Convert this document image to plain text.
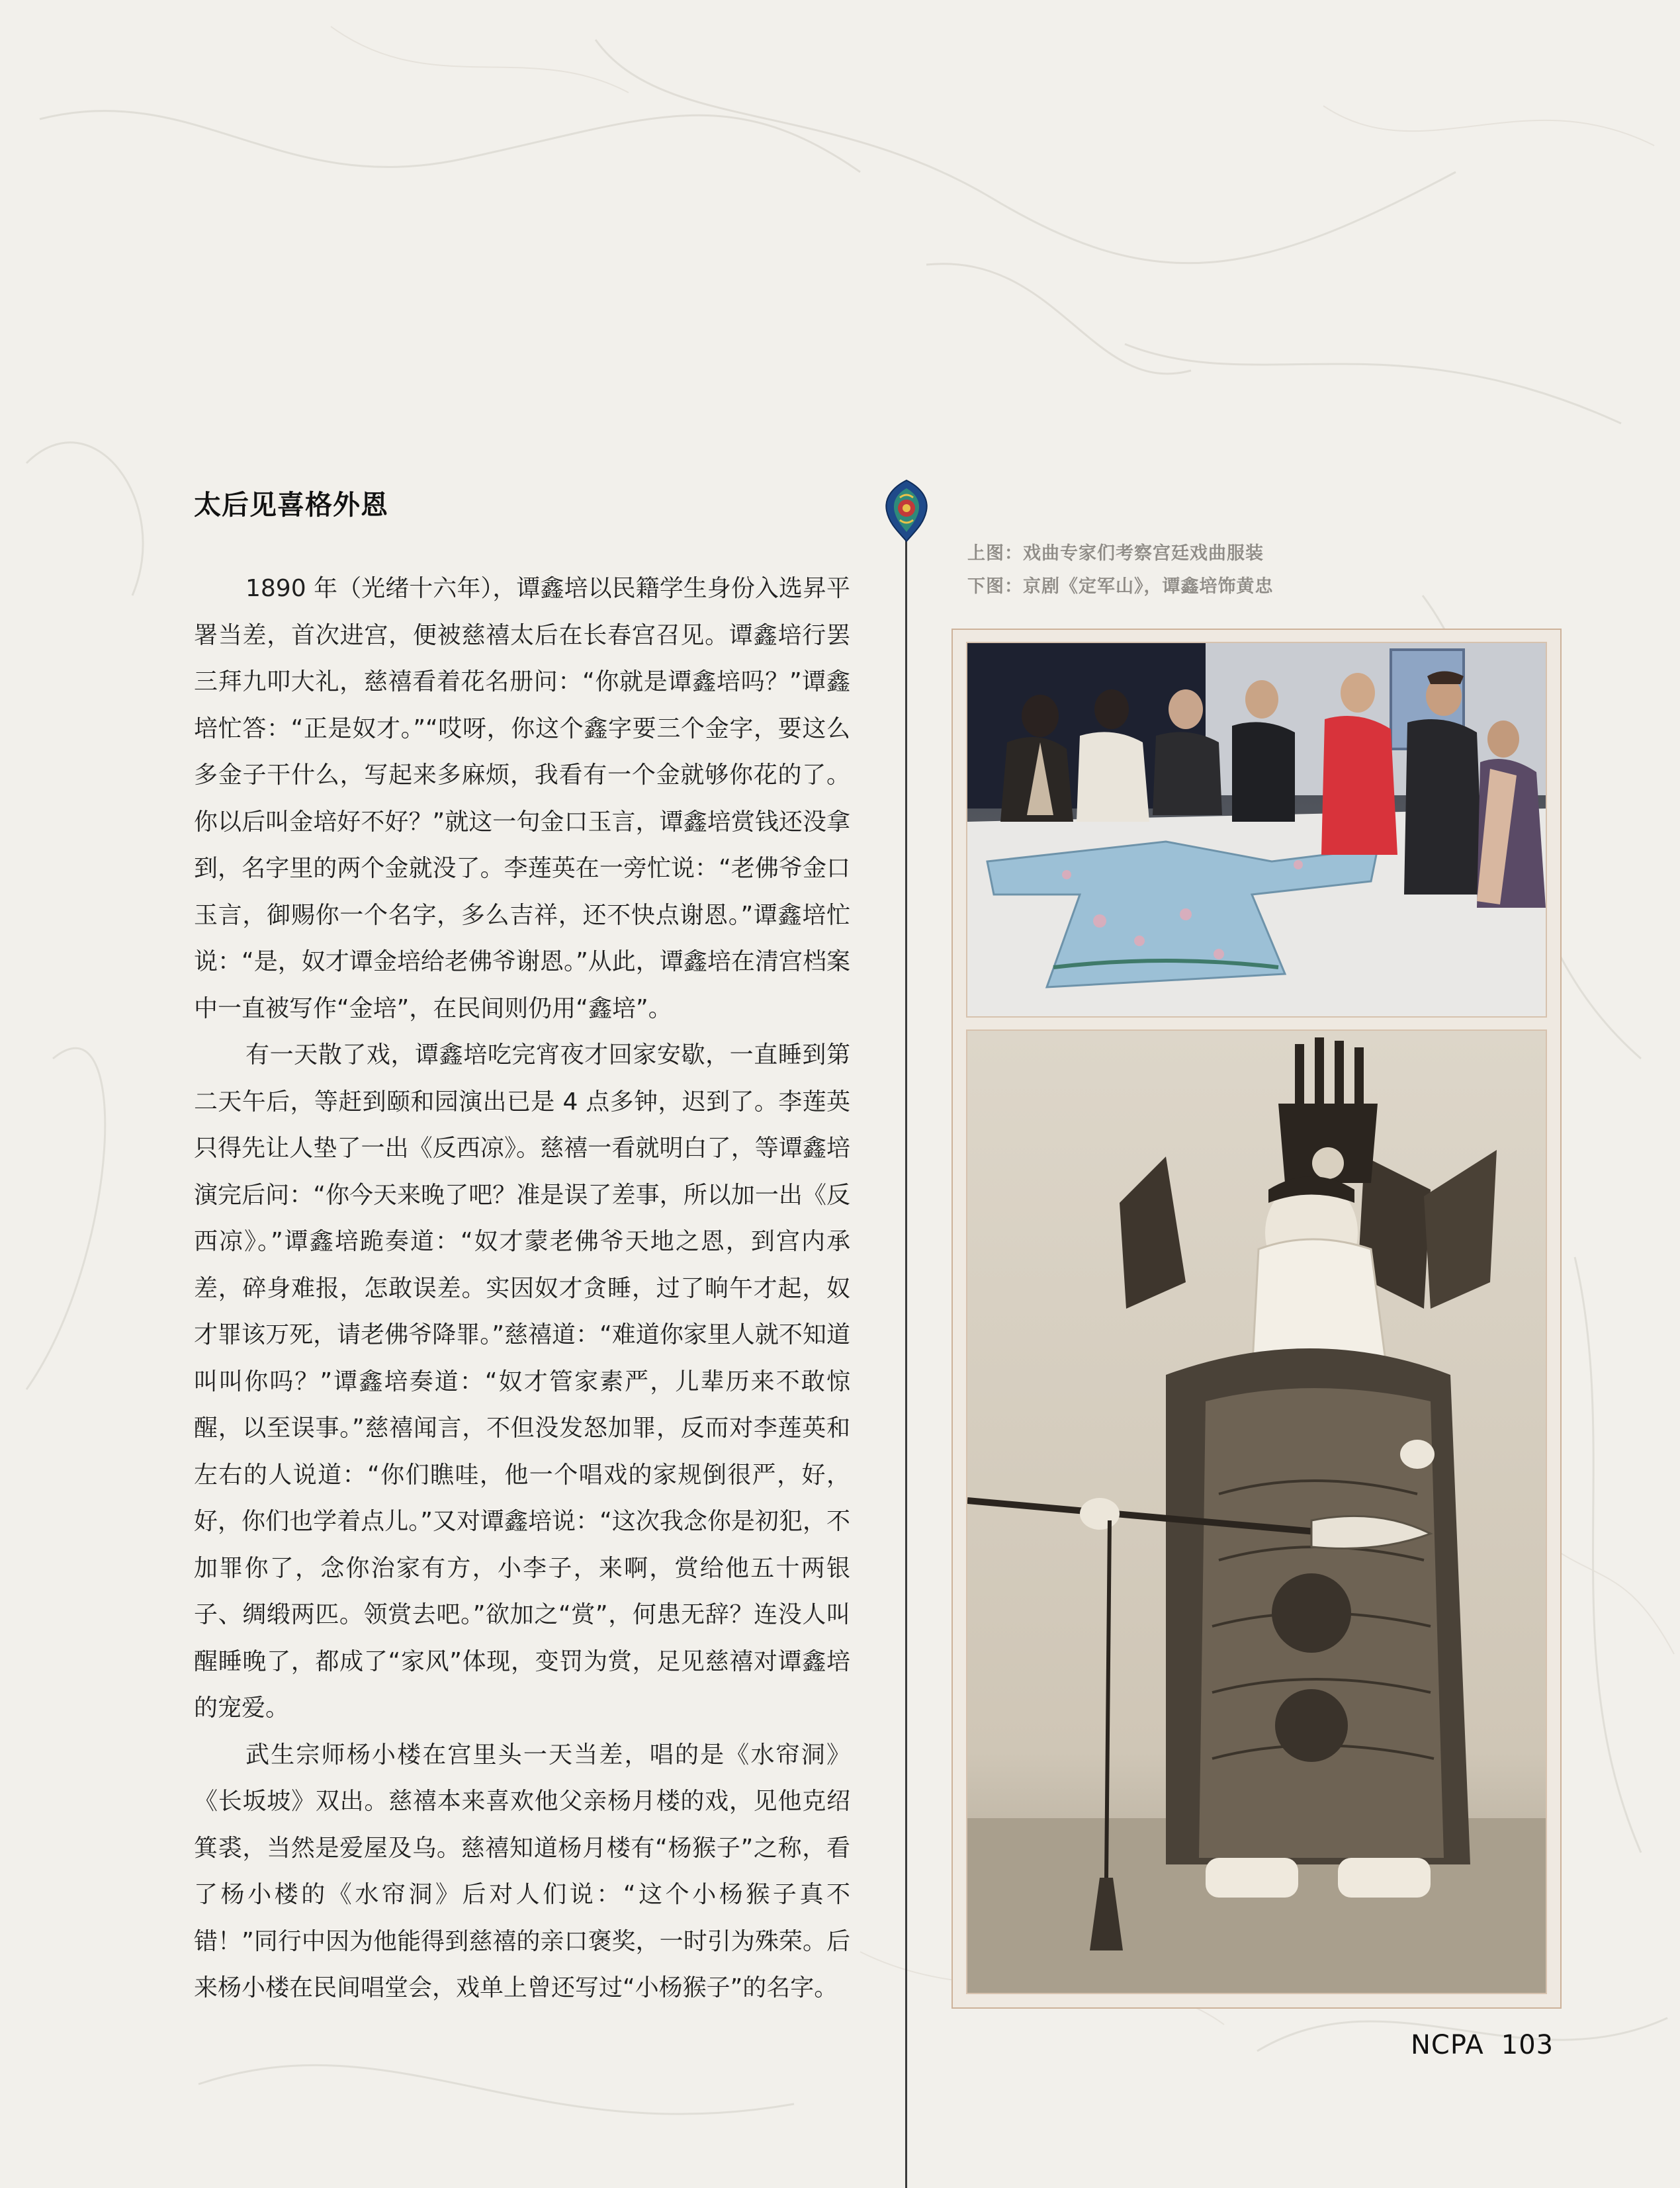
太后见喜格外恩

1890 年（光绪十六年），谭鑫培以民籍学生身份入选昇平署当差，首次进宫，便被慈禧太后在长春宫召见。谭鑫培行罢三拜九叩大礼，慈禧看着花名册问：“你就是谭鑫培吗？”谭鑫培忙答：“正是奴才。”“哎呀，你这个鑫字要三个金字，要这么多金子干什么，写起来多麻烦，我看有一个金就够你花的了。你以后叫金培好不好？”就这一句金口玉言，谭鑫培赏钱还没拿到，名字里的两个金就没了。李莲英在一旁忙说：“老佛爷金口玉言，御赐你一个名字，多么吉祥，还不快点谢恩。”谭鑫培忙说：“是，奴才谭金培给老佛爷谢恩。”从此，谭鑫培在清宫档案中一直被写作“金培”，在民间则仍用“鑫培”。

有一天散了戏，谭鑫培吃完宵夜才回家安歇，一直睡到第二天午后，等赶到颐和园演出已是 4 点多钟，迟到了。李莲英只得先让人垫了一出《反西凉》。慈禧一看就明白了，等谭鑫培演完后问：“你今天来晚了吧？准是误了差事，所以加一出《反西凉》。”谭鑫培跪奏道：“奴才蒙老佛爷天地之恩，到宫内承差，碎身难报，怎敢误差。实因奴才贪睡，过了晌午才起，奴才罪该万死，请老佛爷降罪。”慈禧道：“难道你家里人就不知道叫叫你吗？”谭鑫培奏道：“奴才管家素严，儿辈历来不敢惊醒，以至误事。”慈禧闻言，不但没发怒加罪，反而对李莲英和左右的人说道：“你们瞧哇，他一个唱戏的家规倒很严，好，好，你们也学着点儿。”又对谭鑫培说：“这次我念你是初犯，不加罪你了，念你治家有方，小李子，来啊，赏给他五十两银子、绸缎两匹。领赏去吧。”欲加之“赏”，何患无辞？连没人叫醒睡晚了，都成了“家风”体现，变罚为赏，足见慈禧对谭鑫培的宠爱。

武生宗师杨小楼在宫里头一天当差，唱的是《水帘洞》《长坂坡》双出。慈禧本来喜欢他父亲杨月楼的戏，见他克绍箕裘，当然是爱屋及乌。慈禧知道杨月楼有“杨猴子”之称，看了杨小楼的《水帘洞》后对人们说：“这个小杨猴子真不错！”同行中因为他能得到慈禧的亲口褒奖，一时引为殊荣。后来杨小楼在民间唱堂会，戏单上曾还写过“小杨猴子”的名字。

上图：戏曲专家们考察宫廷戏曲服装
下图：京剧《定军山》，谭鑫培饰黄忠
NCPA 103
